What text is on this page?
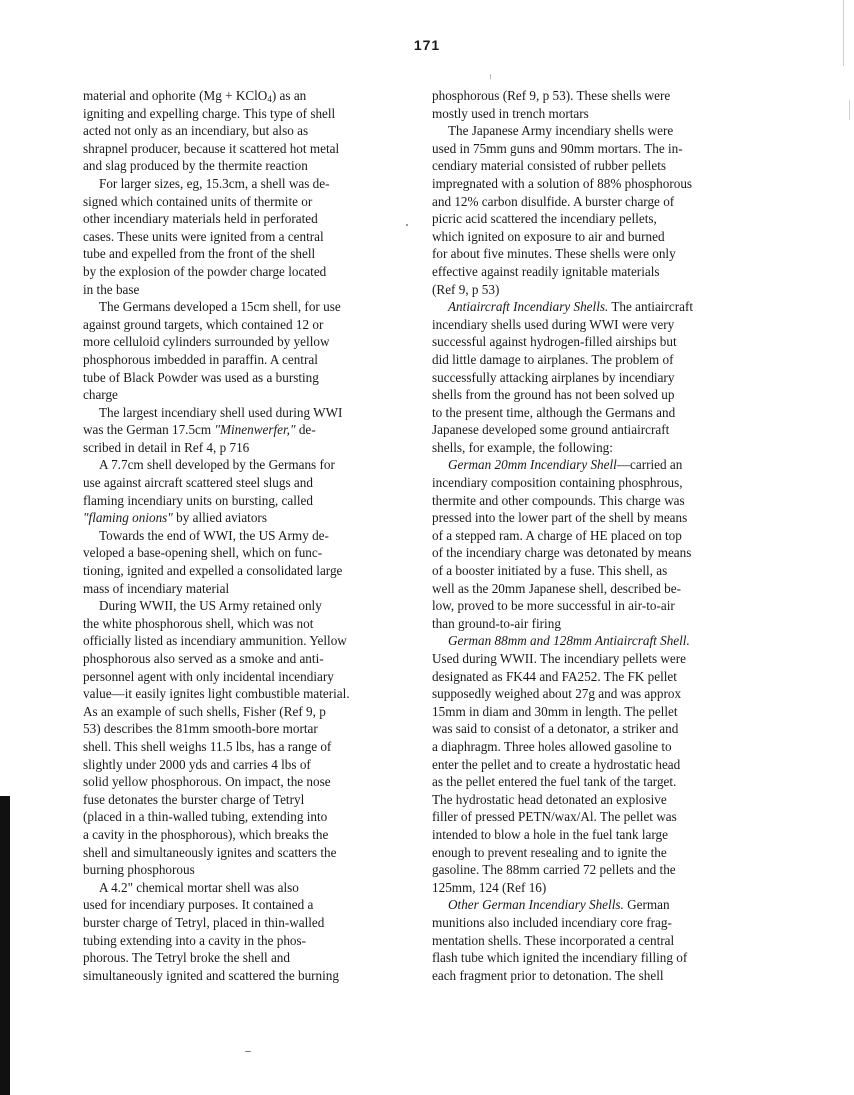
171
material and ophorite (Mg + KClO$_4$) as an
igniting and expelling charge. This type of shell
acted not only as an incendiary, but also as
shrapnel producer, because it scattered hot metal
and slag produced by the thermite reaction
For larger sizes, eg, 15.3cm, a shell was de-
signed which contained units of thermite or
other incendiary materials held in perforated
cases. These units were ignited from a central
tube and expelled from the front of the shell
by the explosion of the powder charge located
in the base
The Germans developed a 15cm shell, for use
against ground targets, which contained 12 or
more celluloid cylinders surrounded by yellow
phosphorous imbedded in paraffin. A central
tube of Black Powder was used as a bursting
charge
The largest incendiary shell used during WWI
was the German 17.5cm "Minenwerfer," de-
scribed in detail in Ref 4, p 716
A 7.7cm shell developed by the Germans for
use against aircraft scattered steel slugs and
flaming incendiary units on bursting, called
"flaming onions" by allied aviators
Towards the end of WWI, the US Army de-
veloped a base-opening shell, which on func-
tioning, ignited and expelled a consolidated large
mass of incendiary material
During WWII, the US Army retained only
the white phosphorous shell, which was not
officially listed as incendiary ammunition. Yellow
phosphorous also served as a smoke and anti-
personnel agent with only incidental incendiary
value—it easily ignites light combustible material.
As an example of such shells, Fisher (Ref 9, p
53) describes the 81mm smooth-bore mortar
shell. This shell weighs 11.5 lbs, has a range of
slightly under 2000 yds and carries 4 lbs of
solid yellow phosphorous. On impact, the nose
fuse detonates the burster charge of Tetryl
(placed in a thin-walled tubing, extending into
a cavity in the phosphorous), which breaks the
shell and simultaneously ignites and scatters the
burning phosphorous
A 4.2" chemical mortar shell was also
used for incendiary purposes. It contained a
burster charge of Tetryl, placed in thin-walled
tubing extending into a cavity in the phos-
phorous. The Tetryl broke the shell and
simultaneously ignited and scattered the burning
phosphorous (Ref 9, p 53). These shells were
mostly used in trench mortars
The Japanese Army incendiary shells were
used in 75mm guns and 90mm mortars. The in-
cendiary material consisted of rubber pellets
impregnated with a solution of 88% phosphorous
and 12% carbon disulfide. A burster charge of
picric acid scattered the incendiary pellets,
which ignited on exposure to air and burned
for about five minutes. These shells were only
effective against readily ignitable materials
(Ref 9, p 53)
Antiaircraft Incendiary Shells. The antiaircraft
incendiary shells used during WWI were very
successful against hydrogen-filled airships but
did little damage to airplanes. The problem of
successfully attacking airplanes by incendiary
shells from the ground has not been solved up
to the present time, although the Germans and
Japanese developed some ground antiaircraft
shells, for example, the following:
German 20mm Incendiary Shell—carried an
incendiary composition containing phosphrous,
thermite and other compounds. This charge was
pressed into the lower part of the shell by means
of a stepped ram. A charge of HE placed on top
of the incendiary charge was detonated by means
of a booster initiated by a fuse. This shell, as
well as the 20mm Japanese shell, described be-
low, proved to be more successful in air-to-air
than ground-to-air firing
German 88mm and 128mm Antiaircraft Shell.
Used during WWII. The incendiary pellets were
designated as FK44 and FA252. The FK pellet
supposedly weighed about 27g and was approx
15mm in diam and 30mm in length. The pellet
was said to consist of a detonator, a striker and
a diaphragm. Three holes allowed gasoline to
enter the pellet and to create a hydrostatic head
as the pellet entered the fuel tank of the target.
The hydrostatic head detonated an explosive
filler of pressed PETN/wax/Al. The pellet was
intended to blow a hole in the fuel tank large
enough to prevent resealing and to ignite the
gasoline. The 88mm carried 72 pellets and the
125mm, 124 (Ref 16)
Other German Incendiary Shells. German
munitions also included incendiary core frag-
mentation shells. These incorporated a central
flash tube which ignited the incendiary filling of
each fragment prior to detonation. The shell
